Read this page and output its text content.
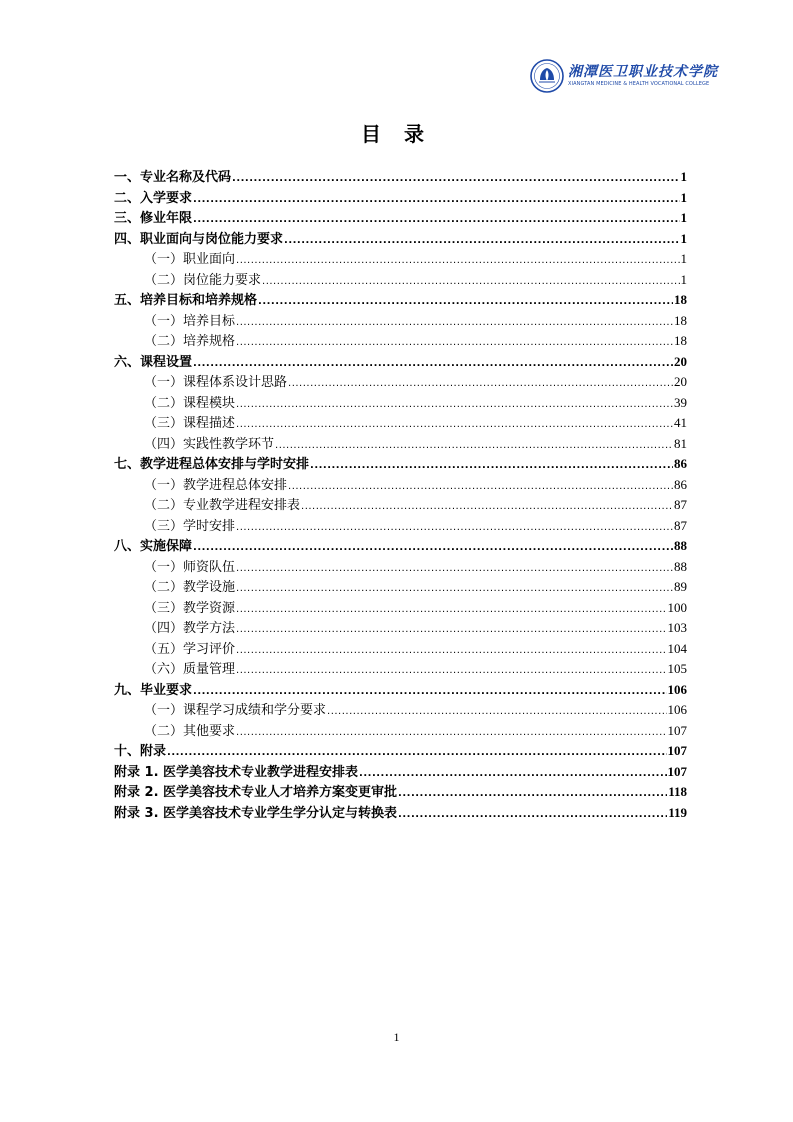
湘潭医卫职业技术学院
XIANGTAN MEDICINE & HEALTH VOCATIONAL COLLEGE
目 录
一、专业名称及代码 .....	1
二、入学要求 .....	1
三、修业年限 .....	1
四、职业面向与岗位能力要求 .....	1
（一）职业面向 .....	1
（二）岗位能力要求 .....	1
五、培养目标和培养规格 .....	18
（一）培养目标 .....	18
（二）培养规格 .....	18
六、课程设置 .....	20
（一）课程体系设计思路 .....	20
（二）课程模块 .....	39
（三）课程描述 .....	41
（四）实践性教学环节 .....	81
七、教学进程总体安排与学时安排 .....	86
（一）教学进程总体安排 .....	86
（二）专业教学进程安排表 .....	87
（三）学时安排 .....	87
八、实施保障 .....	88
（一）师资队伍 .....	88
（二）教学设施 .....	89
（三）教学资源 .....	100
（四）教学方法 .....	103
（五）学习评价 .....	104
（六）质量管理 .....	105
九、毕业要求 .....	106
（一）课程学习成绩和学分要求 .....	106
（二）其他要求 .....	107
十、附录 .....	107
附录 1. 医学美容技术专业教学进程安排表 .....	107
附录 2. 医学美容技术专业人才培养方案变更审批 .....	118
附录 3. 医学美容技术专业学生学分认定与转换表 .....	119
1
